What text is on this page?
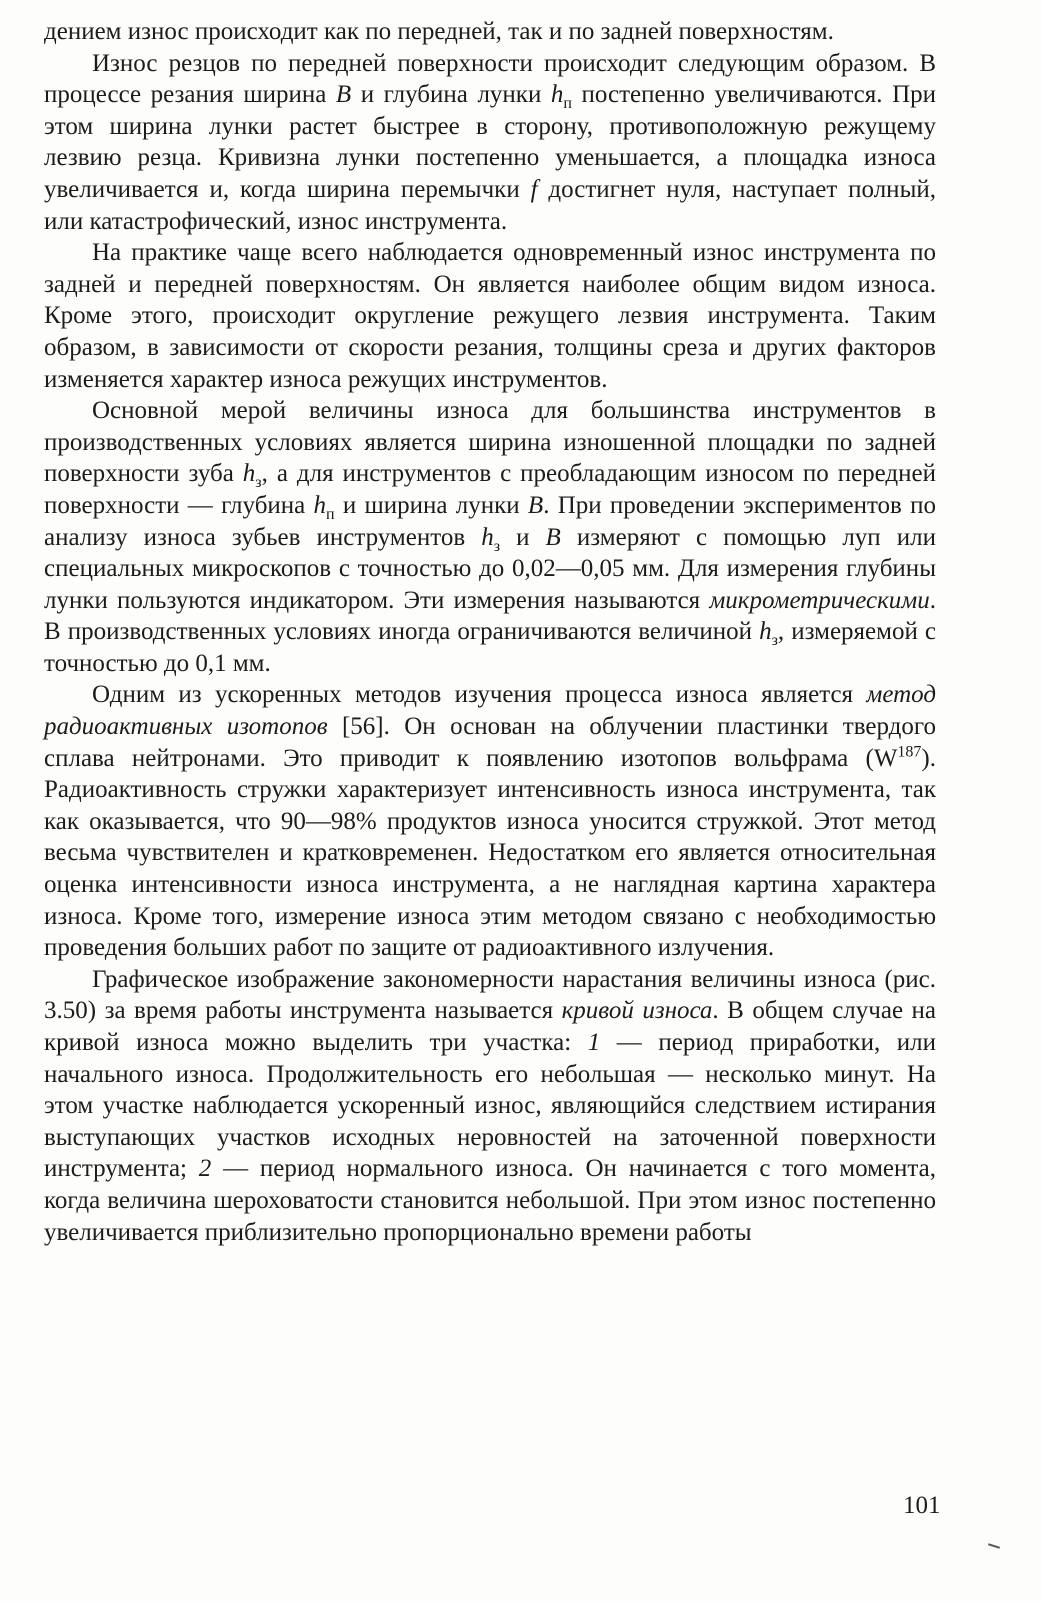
дением износ происходит как по передней, так и по задней поверхностям.

Износ резцов по передней поверхности происходит следующим образом. В процессе резания ширина B и глубина лунки $h_п$ постепенно увеличиваются. При этом ширина лунки растет быстрее в сторону, противоположную режущему лезвию резца. Кривизна лунки постепенно уменьшается, а площадка износа увеличивается и, когда ширина перемычки f достигнет нуля, наступает полный, или катастрофический, износ инструмента.

На практике чаще всего наблюдается одновременный износ инструмента по задней и передней поверхностям. Он является наиболее общим видом износа. Кроме этого, происходит округление режущего лезвия инструмента. Таким образом, в зависимости от скорости резания, толщины среза и других факторов изменяется характер износа режущих инструментов.

Основной мерой величины износа для большинства инструментов в производственных условиях является ширина изношенной площадки по задней поверхности зуба $h_з$, а для инструментов с преобладающим износом по передней поверхности — глубина $h_п$ и ширина лунки B. При проведении экспериментов по анализу износа зубьев инструментов $h_з$ и B измеряют с помощью луп или специальных микроскопов с точностью до 0,02—0,05 мм. Для измерения глубины лунки пользуются индикатором. Эти измерения называются микрометрическими. В производственных условиях иногда ограничиваются величиной $h_з$, измеряемой с точностью до 0,1 мм.

Одним из ускоренных методов изучения процесса износа является метод радиоактивных изотопов [56]. Он основан на облучении пластинки твердого сплава нейтронами. Это приводит к появлению изотопов вольфрама $(W^{187})$. Радиоактивность стружки характеризует интенсивность износа инструмента, так как оказывается, что 90—98% продуктов износа уносится стружкой. Этот метод весьма чувствителен и кратковременен. Недостатком его является относительная оценка интенсивности износа инструмента, а не наглядная картина характера износа. Кроме того, измерение износа этим методом связано с необходимостью проведения больших работ по защите от радиоактивного излучения.

Графическое изображение закономерности нарастания величины износа (рис. 3.50) за время работы инструмента называется кривой износа. В общем случае на кривой износа можно выделить три участка: 1 — период приработки, или начального износа. Продолжительность его небольшая — несколько минут. На этом участке наблюдается ускоренный износ, являющийся следствием истирания выступающих участков исходных неровностей на заточенной поверхности инструмента; 2 — период нормального износа. Он начинается с того момента, когда величина шероховатости становится небольшой. При этом износ постепенно увеличивается приблизительно пропорционально времени работы

101
